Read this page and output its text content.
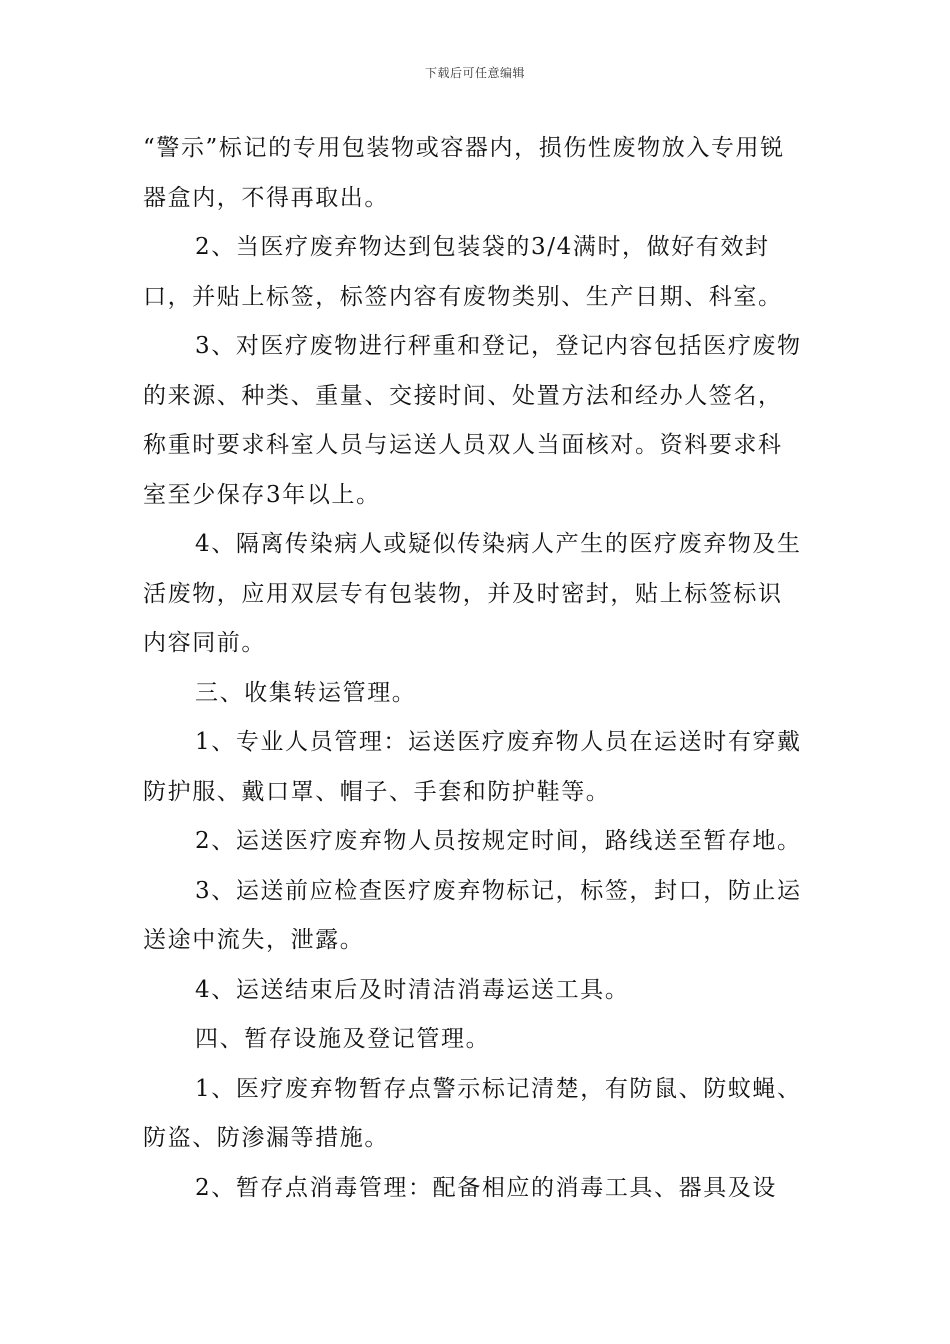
下载后可任意编辑

“警示”标记的专用包装物或容器内，损伤性废物放入专用锐器盒内，不得再取出。

2、当医疗废弃物达到包装袋的3/4满时，做好有效封口，并贴上标签，标签内容有废物类别、生产日期、科室。

3、对医疗废物进行秤重和登记，登记内容包括医疗废物的来源、种类、重量、交接时间、处置方法和经办人签名，称重时要求科室人员与运送人员双人当面核对。资料要求科室至少保存3年以上。

4、隔离传染病人或疑似传染病人产生的医疗废弃物及生活废物，应用双层专有包装物，并及时密封，贴上标签标识内容同前。

三、收集转运管理。

1、专业人员管理：运送医疗废弃物人员在运送时有穿戴防护服、戴口罩、帽子、手套和防护鞋等。

2、运送医疗废弃物人员按规定时间，路线送至暂存地。

3、运送前应检查医疗废弃物标记，标签，封口，防止运送途中流失，泄露。

4、运送结束后及时清洁消毒运送工具。

四、暂存设施及登记管理。

1、医疗废弃物暂存点警示标记清楚，有防鼠、防蚊蝇、防盗、防渗漏等措施。

2、暂存点消毒管理：配备相应的消毒工具、器具及设
